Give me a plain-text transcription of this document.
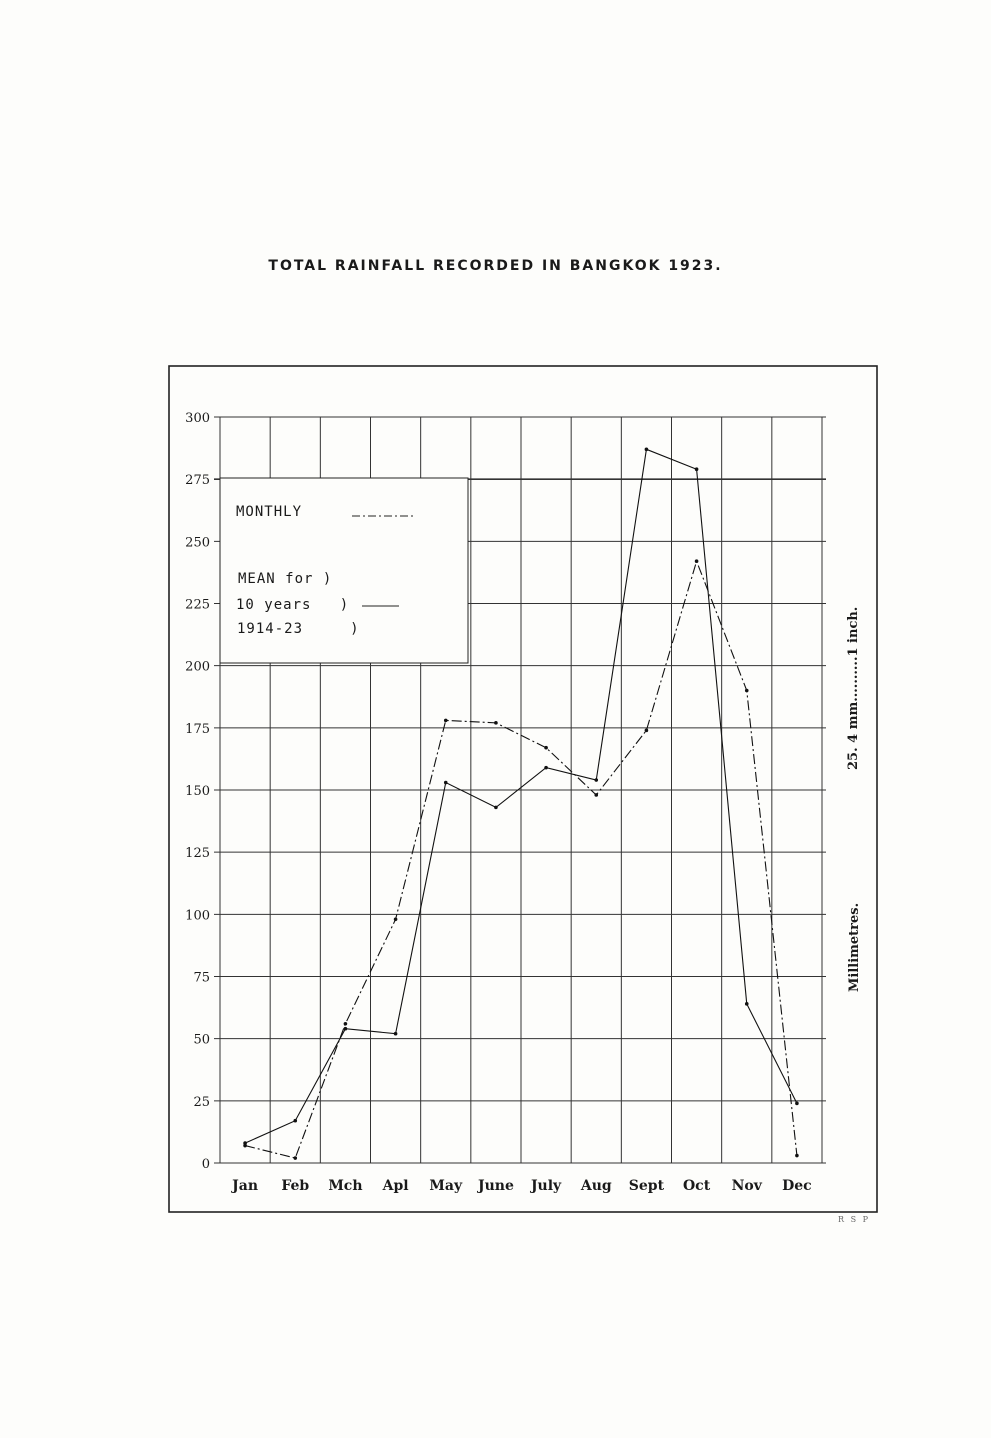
TOTAL RAINFALL RECORDED IN BANGKOK 1923.
300
275
250
225
200
175
150
125
100
75
50
25
0
Jan Feb Mch Apl May June July Aug Sept Oct Nov Dec
MONTHLY
MEAN for )
10 years   )
1914-23     )	25. 4 mm..........1 inch.
Millimetres.
R S P
